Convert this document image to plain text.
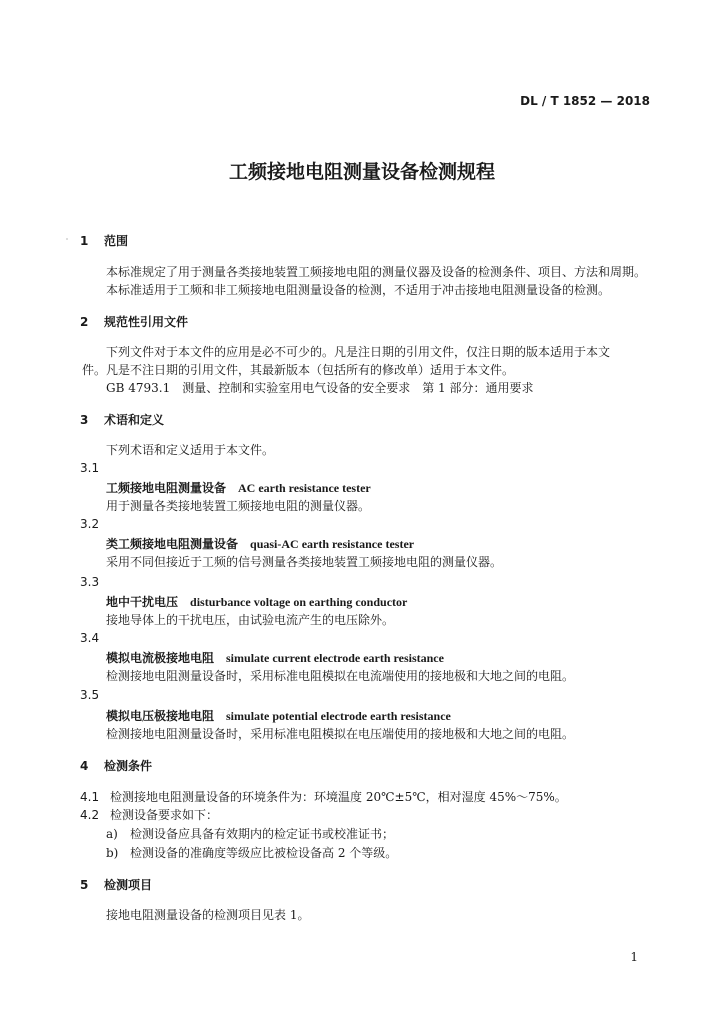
DL / T 1852 — 2018
工频接地电阻测量设备检测规程
1 范围
本标准规定了用于测量各类接地装置工频接地电阻的测量仪器及设备的检测条件、项目、方法和周期。
本标准适用于工频和非工频接地电阻测量设备的检测，不适用于冲击接地电阻测量设备的检测。
2 规范性引用文件
下列文件对于本文件的应用是必不可少的。凡是注日期的引用文件，仅注日期的版本适用于本文
件。凡是不注日期的引用文件，其最新版本（包括所有的修改单）适用于本文件。
GB 4793.1　测量、控制和实验室用电气设备的安全要求　第 1 部分：通用要求
3 术语和定义
下列术语和定义适用于本文件。
3.1
工频接地电阻测量设备 AC earth resistance tester
用于测量各类接地装置工频接地电阻的测量仪器。
3.2
类工频接地电阻测量设备 quasi-AC earth resistance tester
采用不同但接近于工频的信号测量各类接地装置工频接地电阻的测量仪器。
3.3
地中干扰电压 disturbance voltage on earthing conductor
接地导体上的干扰电压，由试验电流产生的电压除外。
3.4
模拟电流极接地电阻 simulate current electrode earth resistance
检测接地电阻测量设备时，采用标准电阻模拟在电流端使用的接地极和大地之间的电阻。
3.5
模拟电压极接地电阻 simulate potential electrode earth resistance
检测接地电阻测量设备时，采用标准电阻模拟在电压端使用的接地极和大地之间的电阻。
4 检测条件
4.1 检测接地电阻测量设备的环境条件为：环境温度 20℃±5℃，相对湿度 45%～75%。
4.2 检测设备要求如下：
a) 检测设备应具备有效期内的检定证书或校准证书；
b) 检测设备的准确度等级应比被检设备高 2 个等级。
5 检测项目
接地电阻测量设备的检测项目见表 1。
1
